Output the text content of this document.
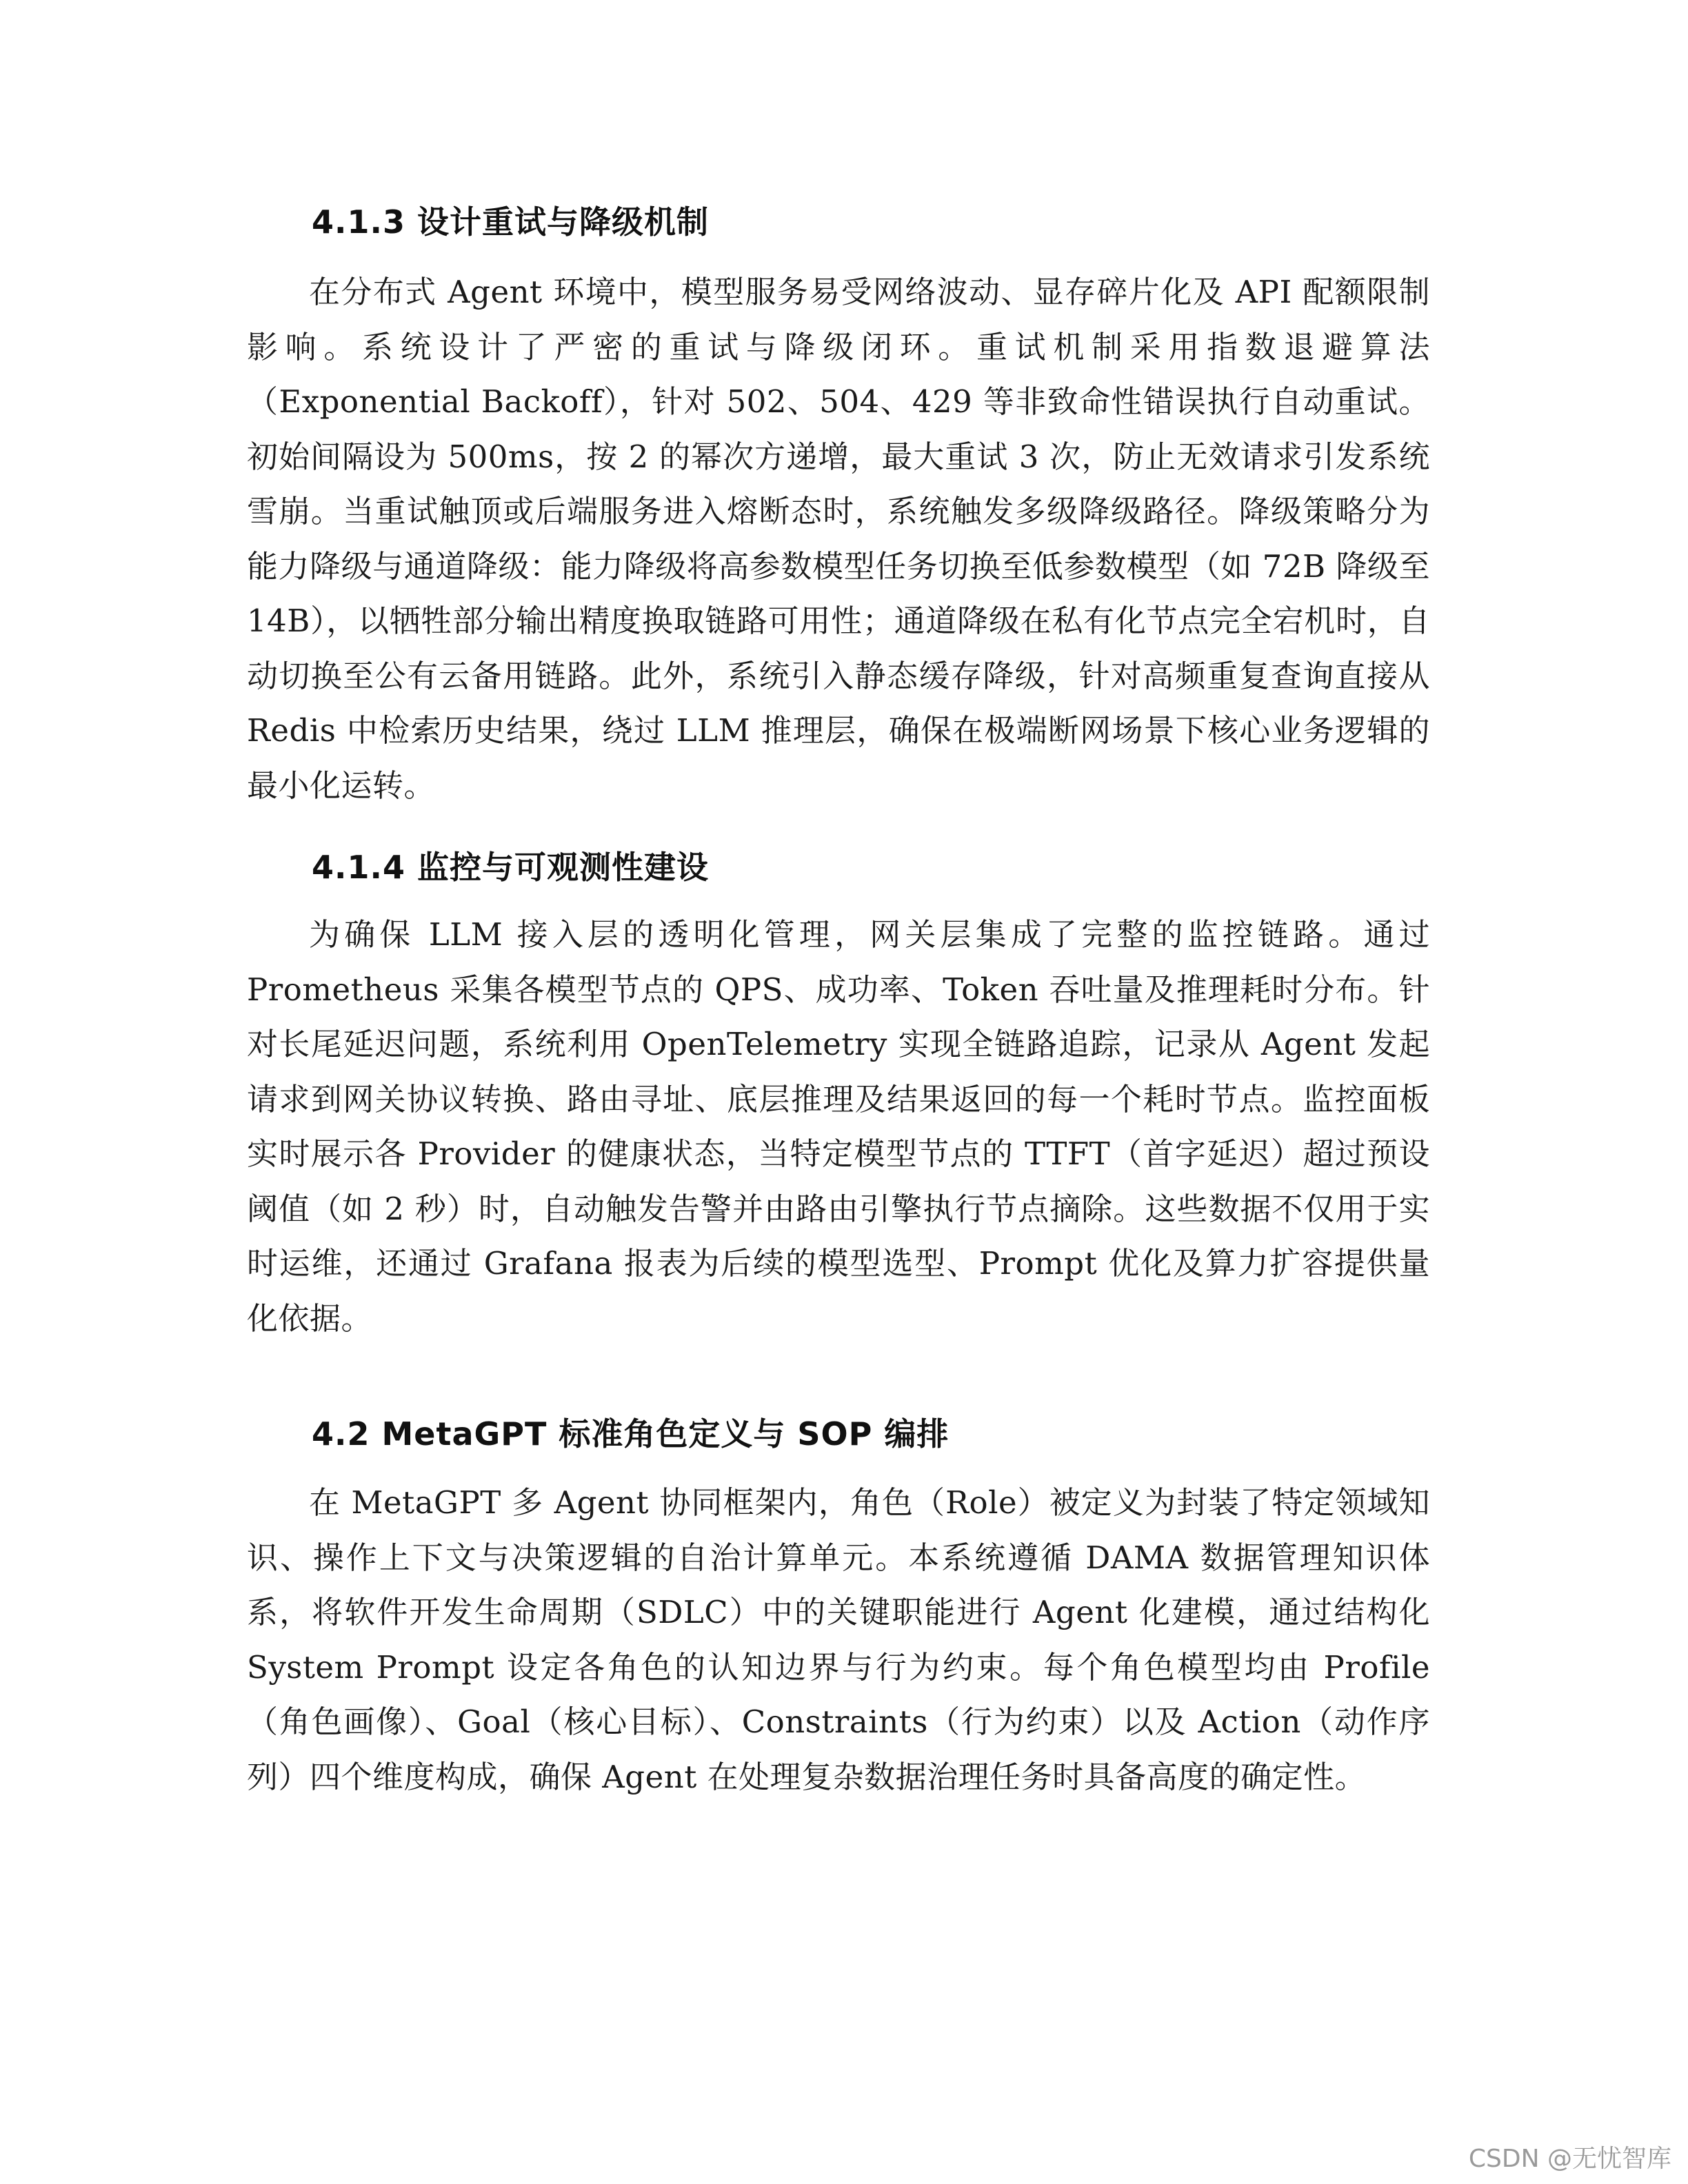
4.1.3 设计重试与降级机制

在分布式 Agent 环境中，模型服务易受网络波动、显存碎片化及 API 配额限制影响。系统设计了严密的重试与降级闭环。重试机制采用指数退避算法（Exponential Backoff），针对 502、504、429 等非致命性错误执行自动重试。初始间隔设为 500ms，按 2 的幂次方递增，最大重试 3 次，防止无效请求引发系统雪崩。当重试触顶或后端服务进入熔断态时，系统触发多级降级路径。降级策略分为能力降级与通道降级：能力降级将高参数模型任务切换至低参数模型（如 72B 降级至 14B），以牺牲部分输出精度换取链路可用性；通道降级在私有化节点完全宕机时，自动切换至公有云备用链路。此外，系统引入静态缓存降级，针对高频重复查询直接从 Redis 中检索历史结果，绕过 LLM 推理层，确保在极端断网场景下核心业务逻辑的最小化运转。

4.1.4 监控与可观测性建设

为确保 LLM 接入层的透明化管理，网关层集成了完整的监控链路。通过 Prometheus 采集各模型节点的 QPS、成功率、Token 吞吐量及推理耗时分布。针对长尾延迟问题，系统利用 OpenTelemetry 实现全链路追踪，记录从 Agent 发起请求到网关协议转换、路由寻址、底层推理及结果返回的每一个耗时节点。监控面板实时展示各 Provider 的健康状态，当特定模型节点的 TTFT（首字延迟）超过预设阈值（如 2 秒）时，自动触发告警并由路由引擎执行节点摘除。这些数据不仅用于实时运维，还通过 Grafana 报表为后续的模型选型、Prompt 优化及算力扩容提供量化依据。

4.2 MetaGPT 标准角色定义与 SOP 编排

在 MetaGPT 多 Agent 协同框架内，角色（Role）被定义为封装了特定领域知识、操作上下文与决策逻辑的自治计算单元。本系统遵循 DAMA 数据管理知识体系，将软件开发生命周期（SDLC）中的关键职能进行 Agent 化建模，通过结构化 System Prompt 设定各角色的认知边界与行为约束。每个角色模型均由 Profile（角色画像）、Goal（核心目标）、Constraints（行为约束）以及 Action（动作序列）四个维度构成，确保 Agent 在处理复杂数据治理任务时具备高度的确定性。

CSDN @无忧智库
